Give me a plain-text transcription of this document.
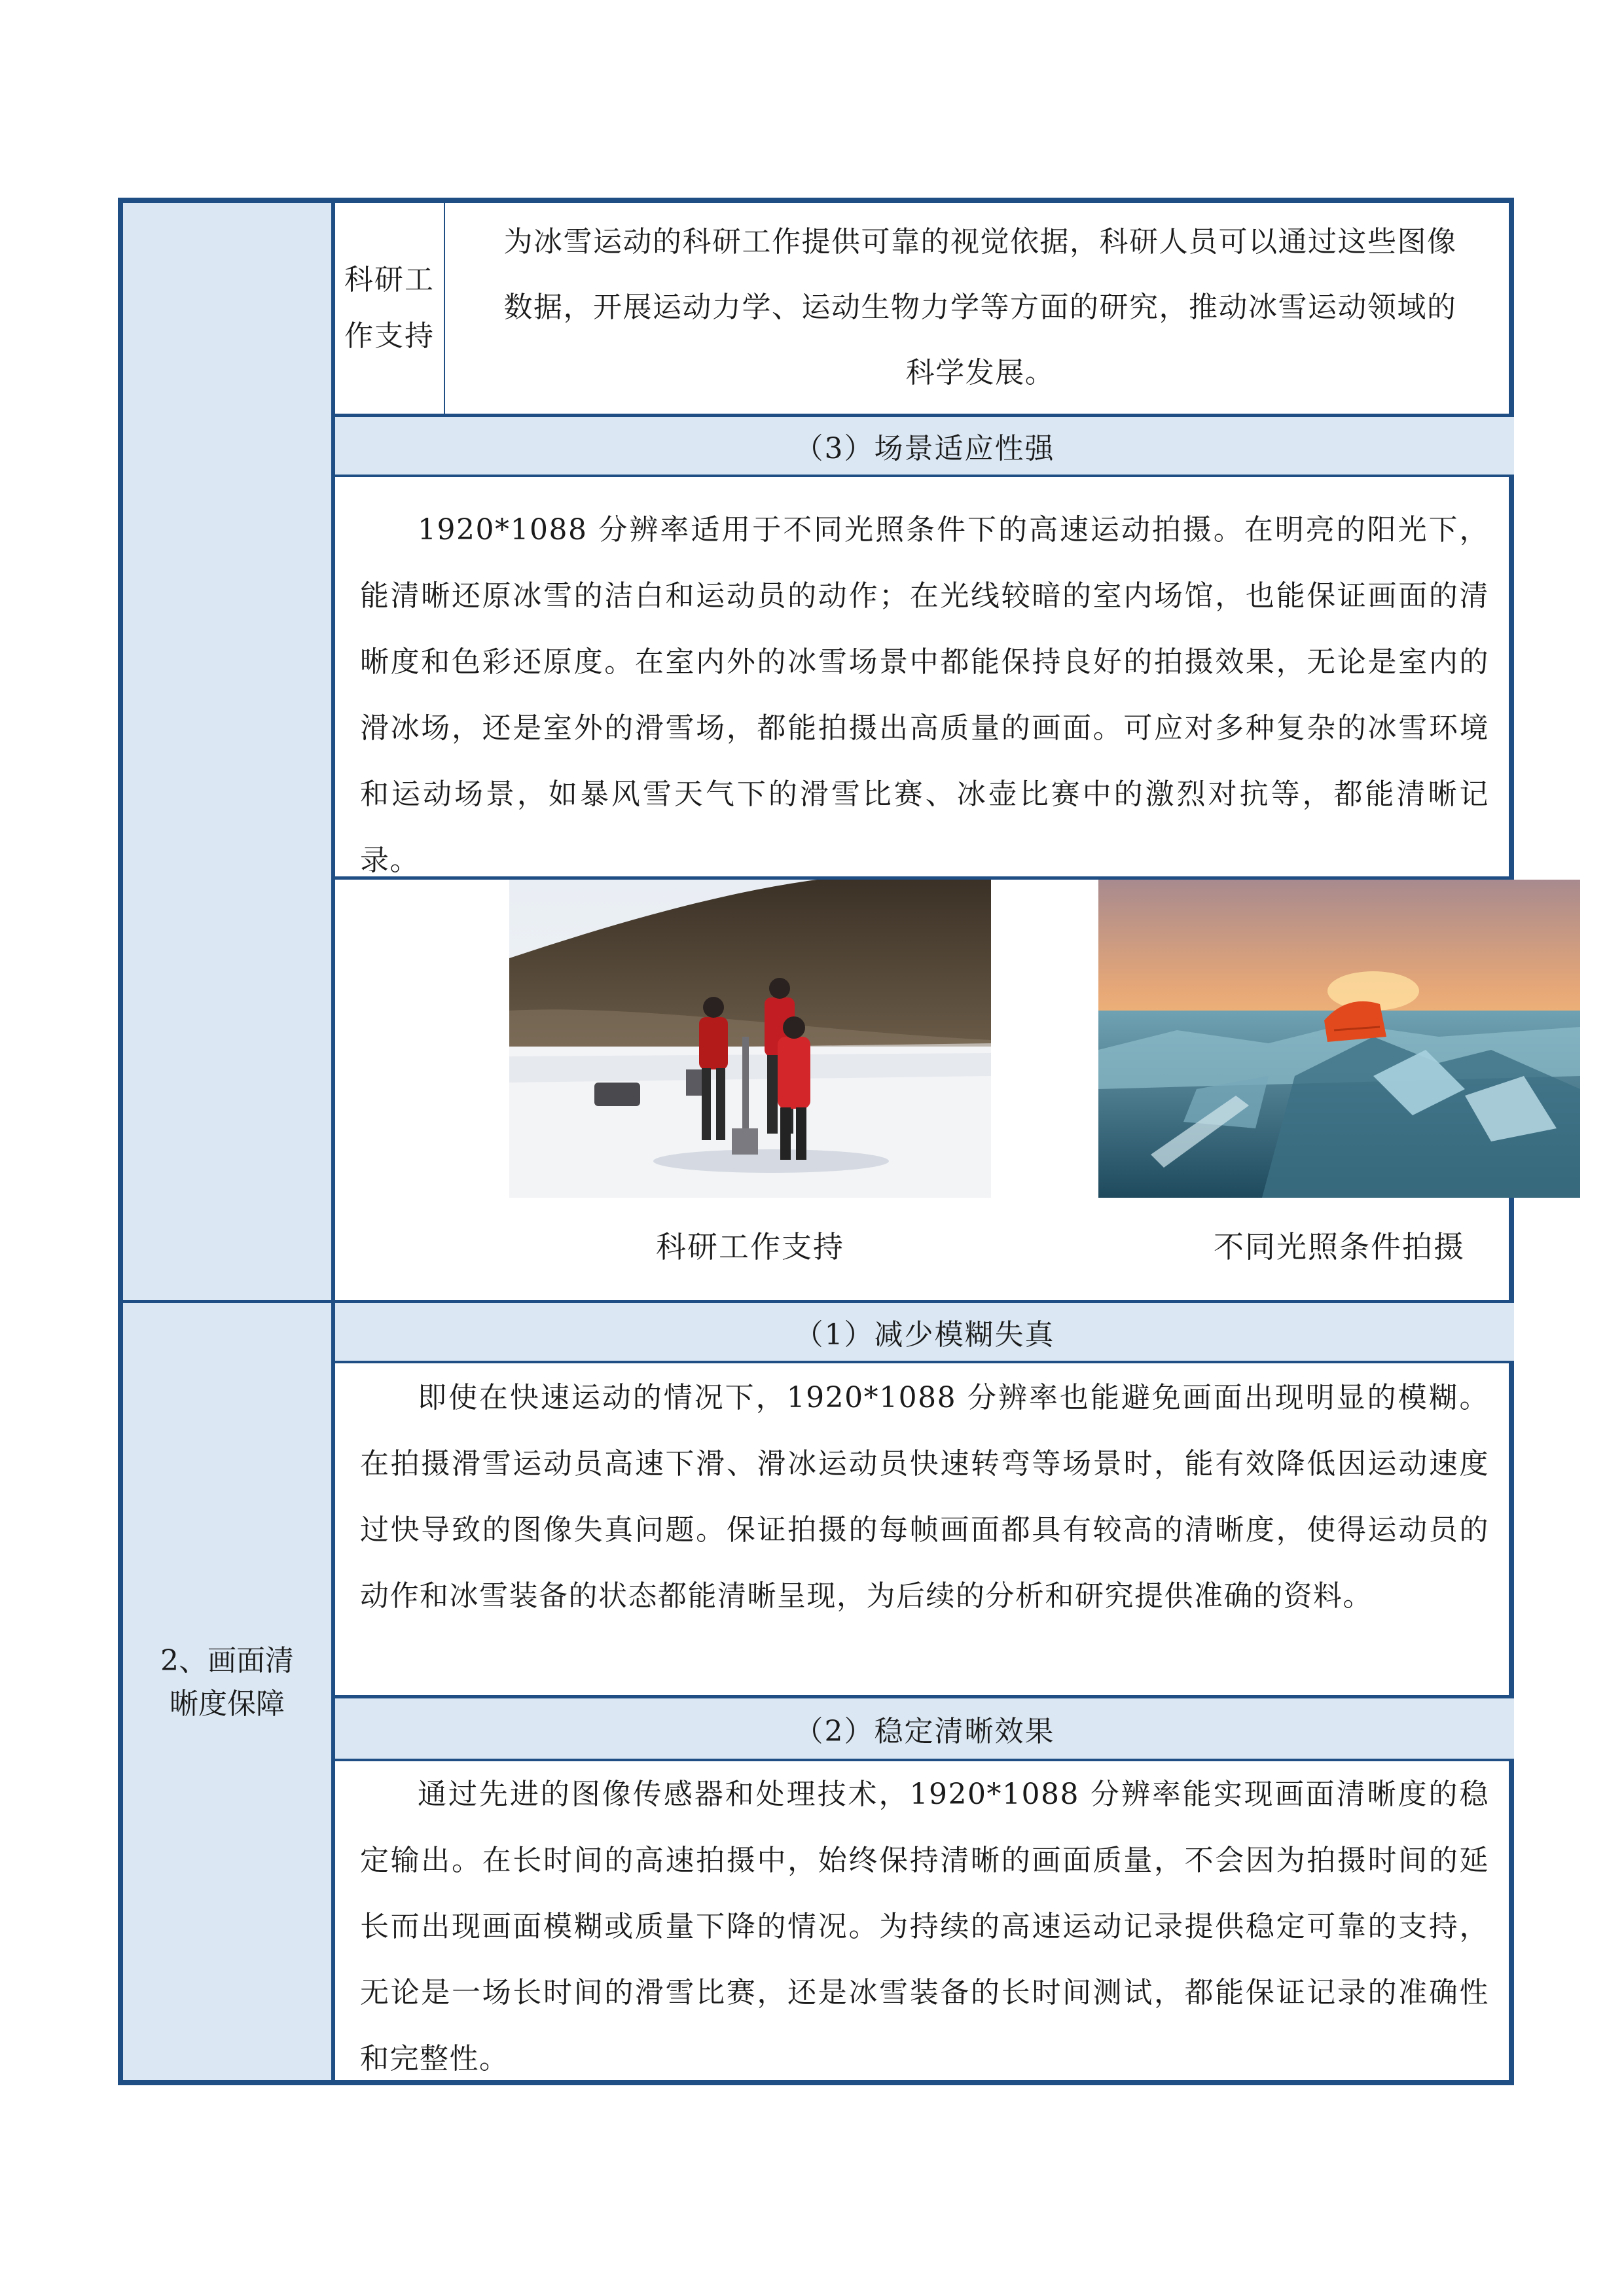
2、画面清
晰度保障
科研工作支持
为冰雪运动的科研工作提供可靠的视觉依据，科研人员可以通过这些图像
数据，开展运动力学、运动生物力学等方面的研究，推动冰雪运动领域的
科学发展。
（3）场景适应性强
1920*1088 分辨率适用于不同光照条件下的高速运动拍摄。在明亮的阳光下，能清晰还原冰雪的洁白和运动员的动作；在光线较暗的室内场馆，也能保证画面的清晰度和色彩还原度。在室内外的冰雪场景中都能保持良好的拍摄效果，无论是室内的滑冰场，还是室外的滑雪场，都能拍摄出高质量的画面。可应对多种复杂的冰雪环境和运动场景，如暴风雪天气下的滑雪比赛、冰壶比赛中的激烈对抗等，都能清晰记录。
科研工作支持	不同光照条件拍摄
（1）减少模糊失真
即使在快速运动的情况下，1920*1088 分辨率也能避免画面出现明显的模糊。在拍摄滑雪运动员高速下滑、滑冰运动员快速转弯等场景时，能有效降低因运动速度过快导致的图像失真问题。保证拍摄的每帧画面都具有较高的清晰度，使得运动员的动作和冰雪装备的状态都能清晰呈现，为后续的分析和研究提供准确的资料。
（2）稳定清晰效果
通过先进的图像传感器和处理技术，1920*1088 分辨率能实现画面清晰度的稳定输出。在长时间的高速拍摄中，始终保持清晰的画面质量，不会因为拍摄时间的延长而出现画面模糊或质量下降的情况。为持续的高速运动记录提供稳定可靠的支持，无论是一场长时间的滑雪比赛，还是冰雪装备的长时间测试，都能保证记录的准确性和完整性。
